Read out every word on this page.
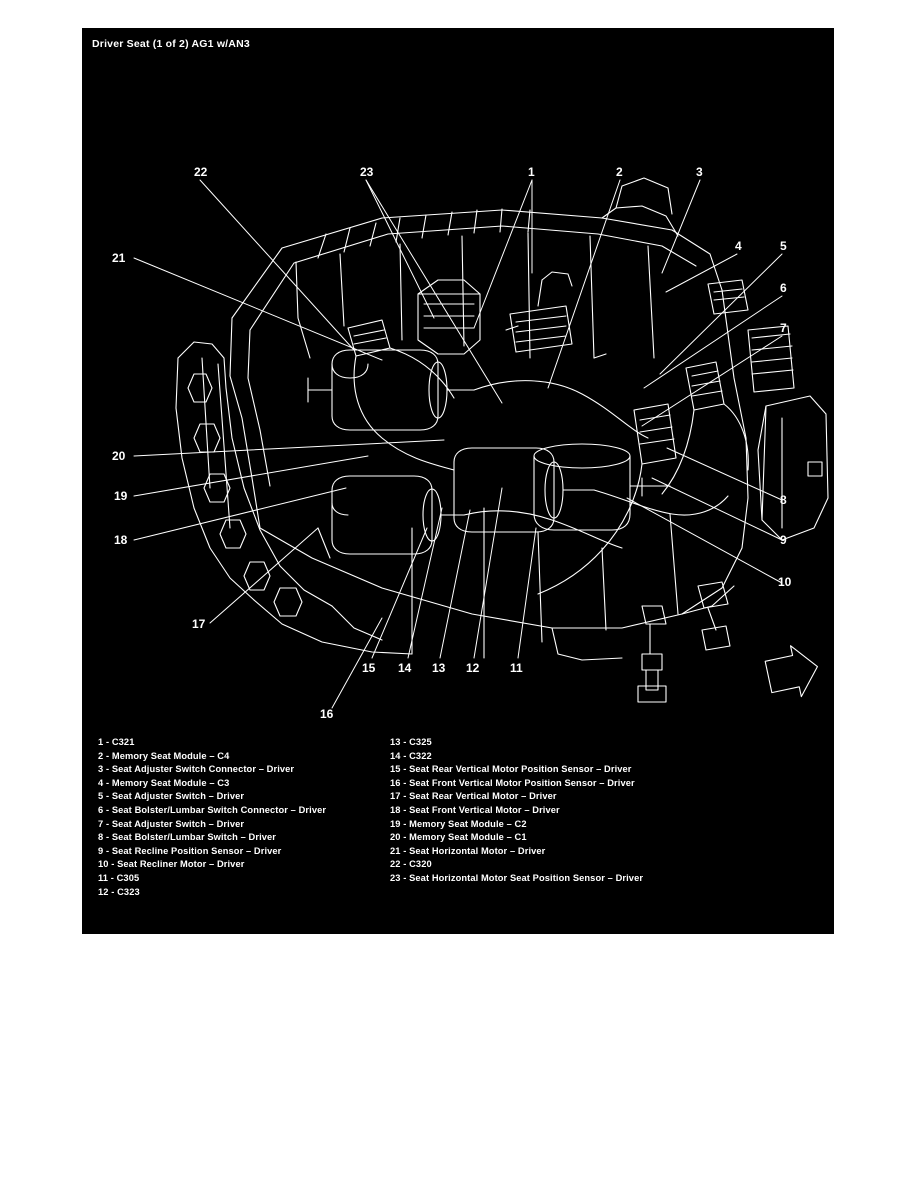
Driver Seat (1 of 2) AG1 w/AN3
22	23	1	2	3
4	5
6
7
8
9
10
21
20
19
18
17
15 14 13 12	11
16
1 - C321
2 - Memory Seat Module – C4
3 - Seat Adjuster Switch Connector – Driver
4 - Memory Seat Module – C3
5 - Seat Adjuster Switch – Driver
6 - Seat Bolster/Lumbar Switch Connector – Driver
7 - Seat Adjuster Switch – Driver
8 - Seat Bolster/Lumbar Switch – Driver
9 - Seat Recline Position Sensor – Driver
10 - Seat Recliner Motor – Driver
11 - C305
12 - C323
13 - C325
14 - C322
15 - Seat Rear Vertical Motor Position Sensor – Driver
16 - Seat Front Vertical Motor Position Sensor – Driver
17 - Seat Rear Vertical Motor – Driver
18 - Seat Front Vertical Motor – Driver
19 - Memory Seat Module – C2
20 - Memory Seat Module – C1
21 - Seat Horizontal Motor – Driver
22 - C320
23 - Seat Horizontal Motor Seat Position Sensor – Driver
